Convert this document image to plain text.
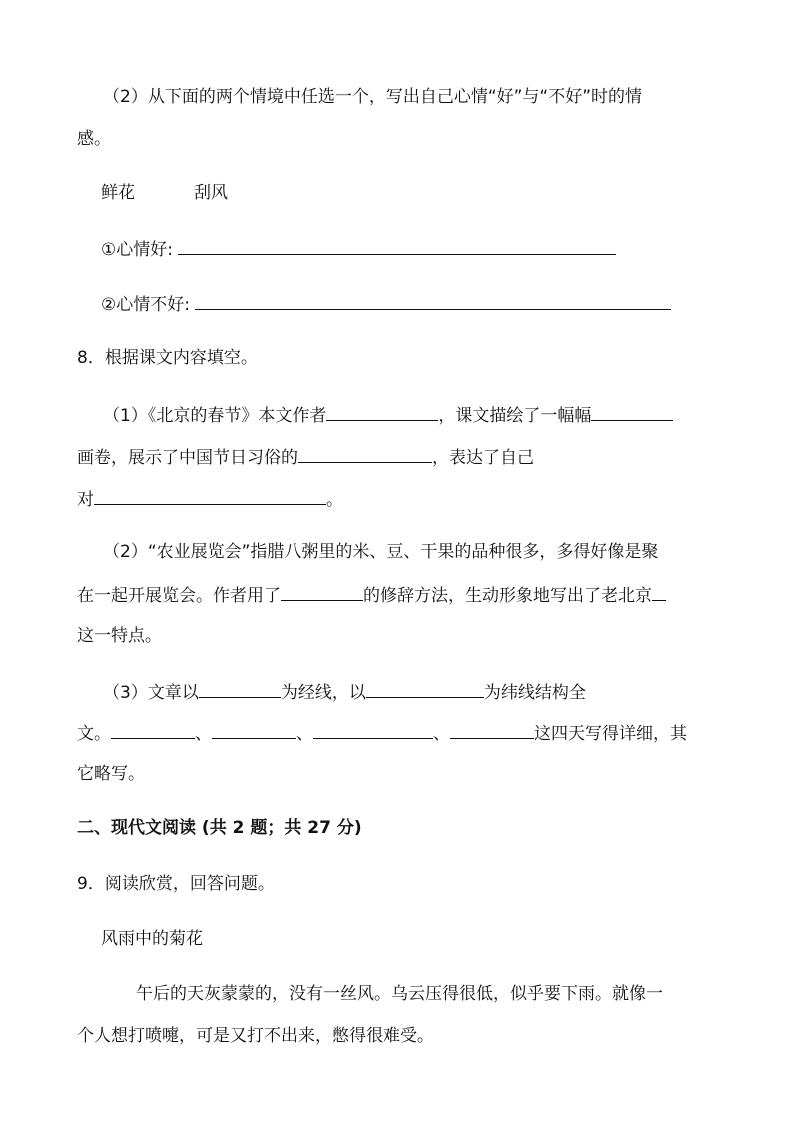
（2）从下面的两个情境中任选一个，写出自己心情“好”与“不好”时的情
感。
鲜花	刮风
①心情好:
②心情不好:
8．根据课文内容填空。
（1）《北京的春节》本文作者	，课文描绘了一幅幅
画卷，展示了中国节日习俗的	，表达了自己
对	。
（2）“农业展览会”指腊八粥里的米、豆、干果的品种很多，多得好像是聚
在一起开展览会。作者用了	的修辞方法，生动形象地写出了老北京
这一特点。
（3）文章以	为经线，以	为纬线结构全
文。	、	、	、	这四天写得详细，其
它略写。
二、现代文阅读 (共 2 题；共 27 分)
9．阅读欣赏，回答问题。
风雨中的菊花
午后的天灰蒙蒙的，没有一丝风。乌云压得很低，似乎要下雨。就像一
个人想打喷嚏，可是又打不出来，憋得很难受。
